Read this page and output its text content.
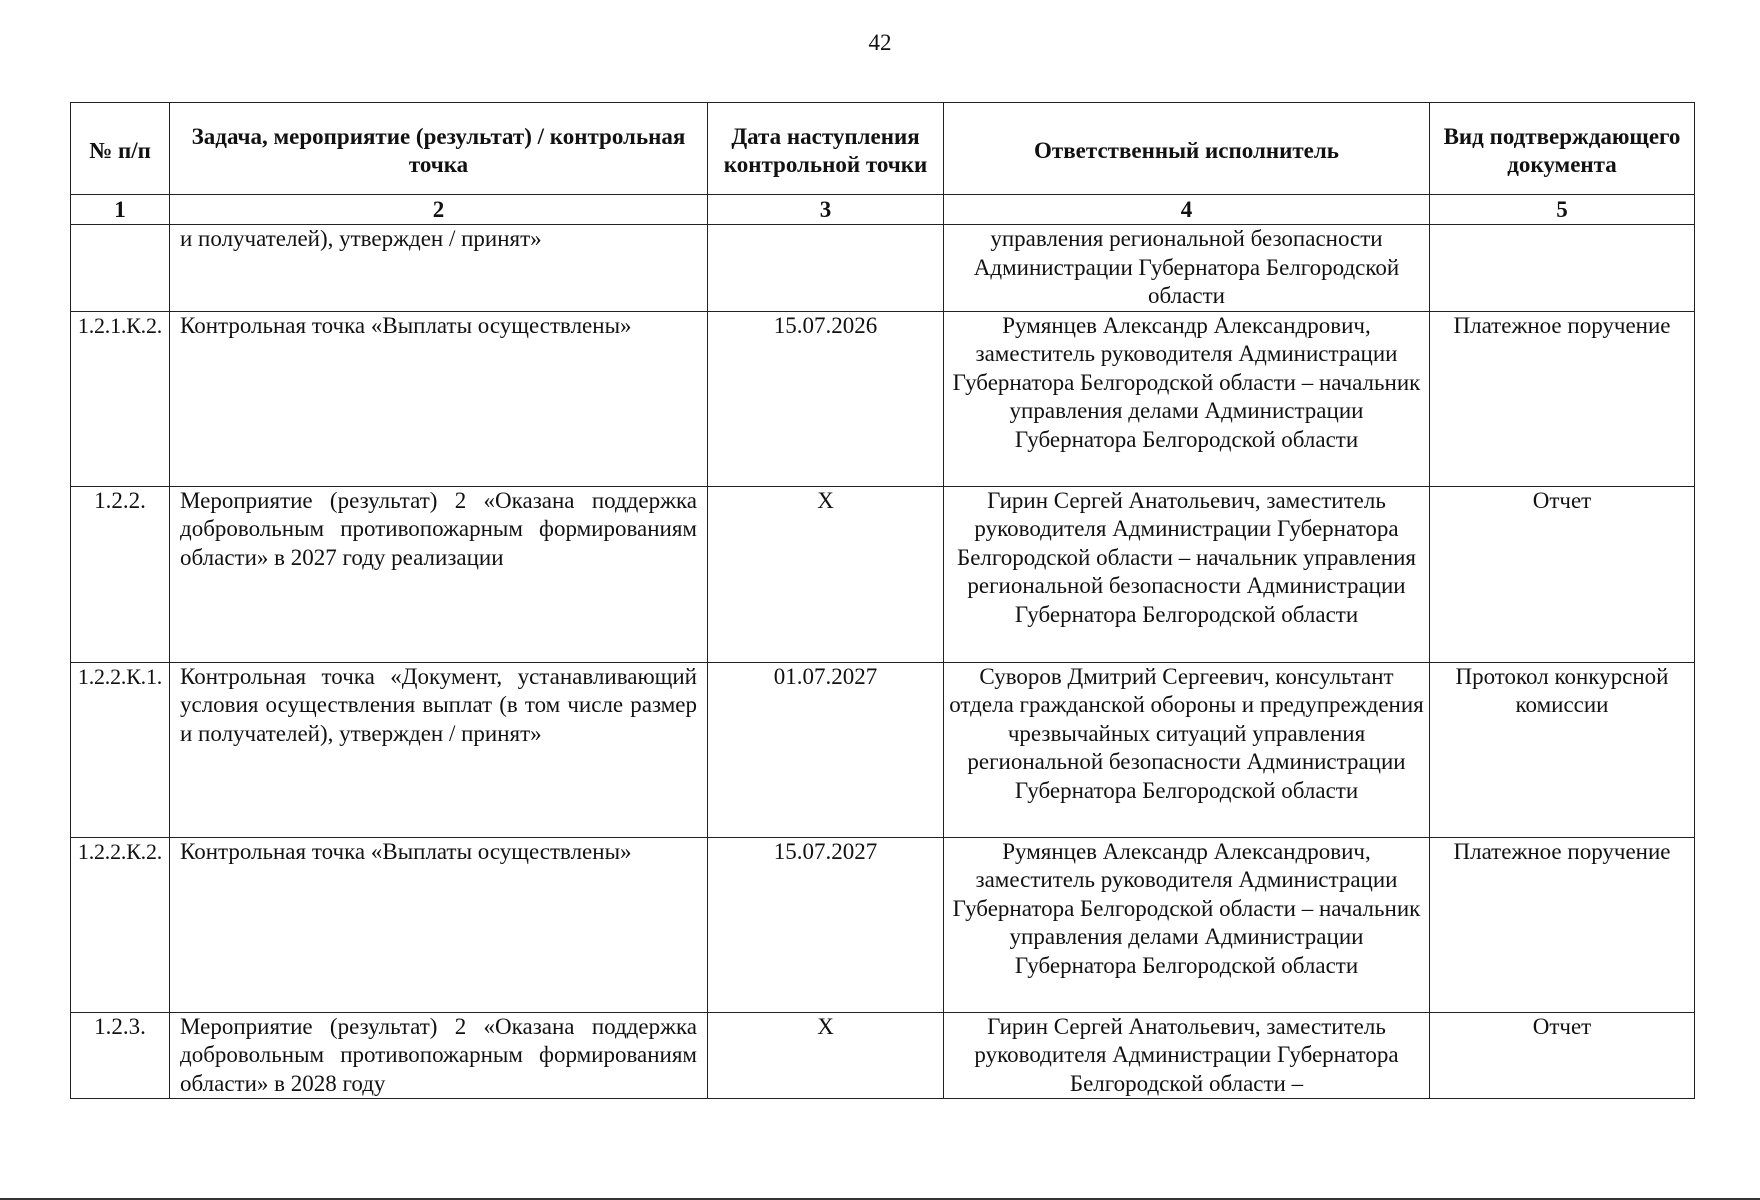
42
№ п/п	Задача, мероприятие (результат) / контрольная точка	Дата наступления контрольной точки	Ответственный исполнитель	Вид подтверждающего документа
1	2	3	4	5
	и получателей), утвержден / принят»		управления региональной безопасности Администрации Губернатора Белгородской области	
1.2.1.К.2.	Контрольная точка «Выплаты осуществлены»	15.07.2026	Румянцев Александр Александрович, заместитель руководителя Администрации Губернатора Белгородской области – начальник управления делами Администрации Губернатора Белгородской области	Платежное поручение
1.2.2.	Мероприятие (результат) 2 «Оказана поддержка добровольным противопожарным формированиям области» в 2027 году реализации	Х	Гирин Сергей Анатольевич, заместитель руководителя Администрации Губернатора Белгородской области – начальник управления региональной безопасности Администрации Губернатора Белгородской области	Отчет
1.2.2.К.1.	Контрольная точка «Документ, устанавливающий условия осуществления выплат (в том числе размер и получателей), утвержден / принят»	01.07.2027	Суворов Дмитрий Сергеевич, консультант отдела гражданской обороны и предупреждения чрезвычайных ситуаций управления региональной безопасности Администрации Губернатора Белгородской области	Протокол конкурсной комиссии
1.2.2.К.2.	Контрольная точка «Выплаты осуществлены»	15.07.2027	Румянцев Александр Александрович, заместитель руководителя Администрации Губернатора Белгородской области – начальник управления делами Администрации Губернатора Белгородской области	Платежное поручение
1.2.3.	Мероприятие (результат) 2 «Оказана поддержка добровольным противопожарным формированиям области» в 2028 году	Х	Гирин Сергей Анатольевич, заместитель руководителя Администрации Губернатора Белгородской области –	Отчет
